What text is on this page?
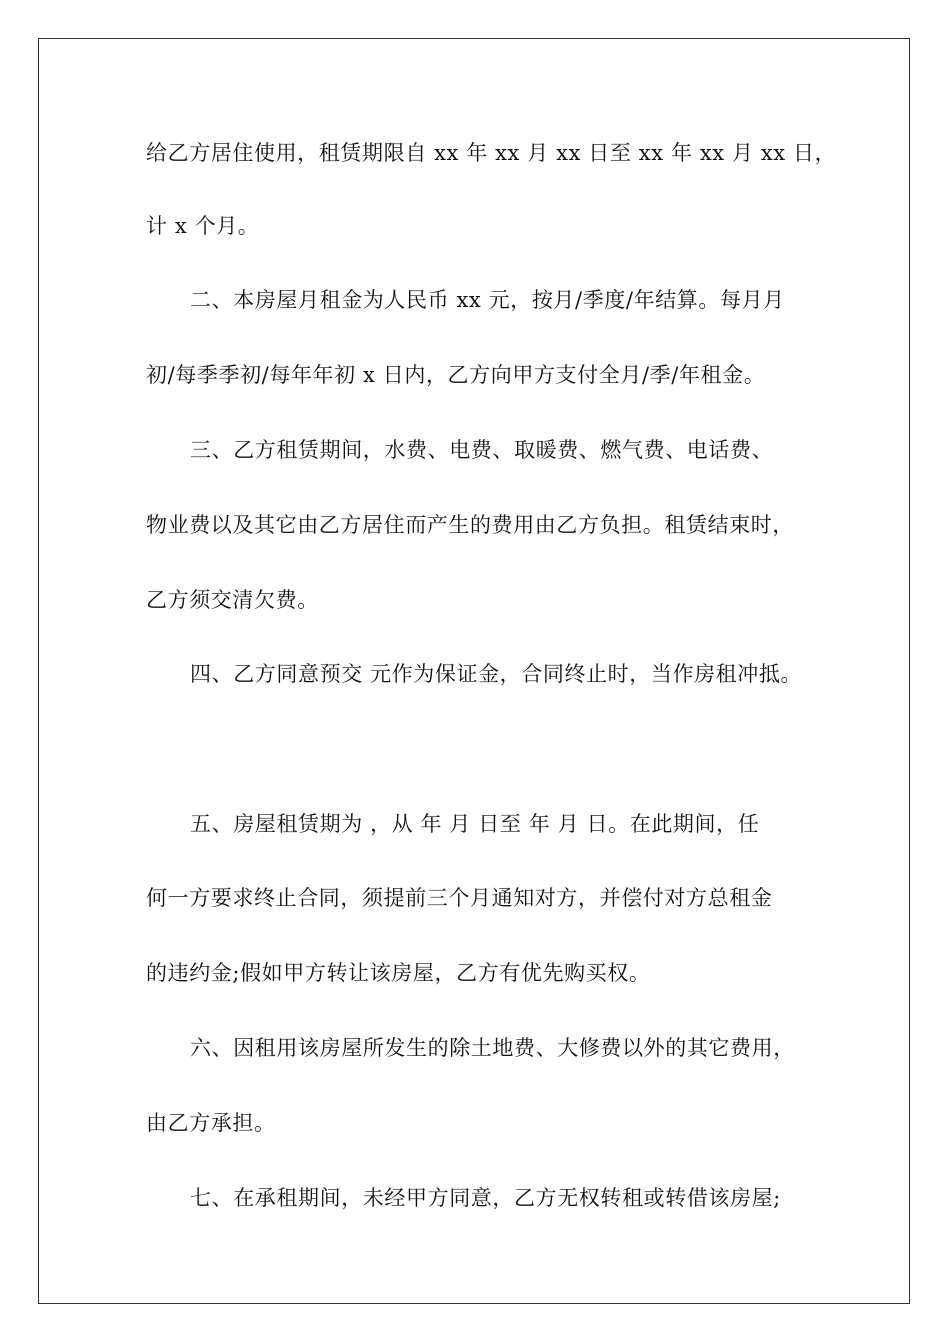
给乙方居住使用，租赁期限自 xx 年 xx 月 xx 日至 xx 年 xx 月 xx 日，
计 x 个月。
二、本房屋月租金为人民币 xx 元，按月/季度/年结算。每月月
初/每季季初/每年年初 x 日内，乙方向甲方支付全月/季/年租金。
三、乙方租赁期间，水费、电费、取暖费、燃气费、电话费、
物业费以及其它由乙方居住而产生的费用由乙方负担。租赁结束时，
乙方须交清欠费。
四、乙方同意预交 元作为保证金，合同终止时，当作房租冲抵。
五、房屋租赁期为 ，从 年 月 日至 年 月 日。在此期间，任
何一方要求终止合同，须提前三个月通知对方，并偿付对方总租金
的违约金;假如甲方转让该房屋，乙方有优先购买权。
六、因租用该房屋所发生的除土地费、大修费以外的其它费用，
由乙方承担。
七、在承租期间，未经甲方同意，乙方无权转租或转借该房屋;
